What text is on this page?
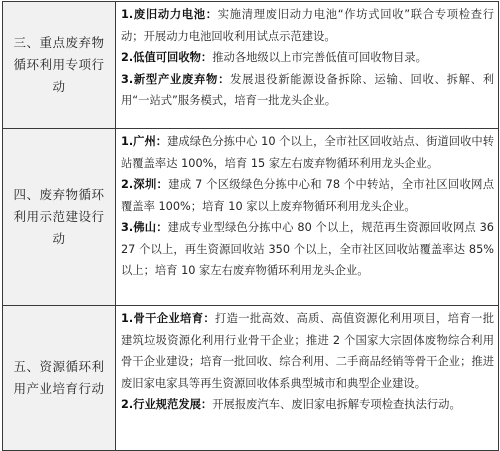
三、重点废弃物循环利用专项行动	1.废旧动力电池：实施清理废旧动力电池“作坊式回收”联合专项检查行动；开展动力电池回收利用试点示范建设。

2.低值可回收物：推动各地级以上市完善低值可回收物目录。

3.新型产业废弃物：发展退役新能源设备拆除、运输、回收、拆解、利用“一站式”服务模式，培育一批龙头企业。

四、废弃物循环利用示范建设行动	1.广州：建成绿色分拣中心 10 个以上，全市社区回收站点、街道回收中转站覆盖率达 100%，培育 15 家左右废弃物循环利用龙头企业。

2.深圳：建成 7 个区级绿色分拣中心和 78 个中转站，全市社区回收网点覆盖率 100%；培育 10 家以上废弃物循环利用龙头企业。

3.佛山：建成专业型绿色分拣中心 80 个以上，规范再生资源回收网点 3627 个以上，再生资源回收站 350 个以上，全市社区回收站覆盖率达 85%以上；培育 10 家左右废弃物循环利用龙头企业。

五、资源循环利用产业培育行动	1.骨干企业培育：打造一批高效、高质、高值资源化利用项目，培育一批建筑垃圾资源化利用行业骨干企业；推进 2 个国家大宗固体废物综合利用骨干企业建设；培育一批回收、综合利用、二手商品经销等骨干企业；推进废旧家电家具等再生资源回收体系典型城市和典型企业建设。

2.行业规范发展：开展报废汽车、废旧家电拆解专项检查执法行动。
